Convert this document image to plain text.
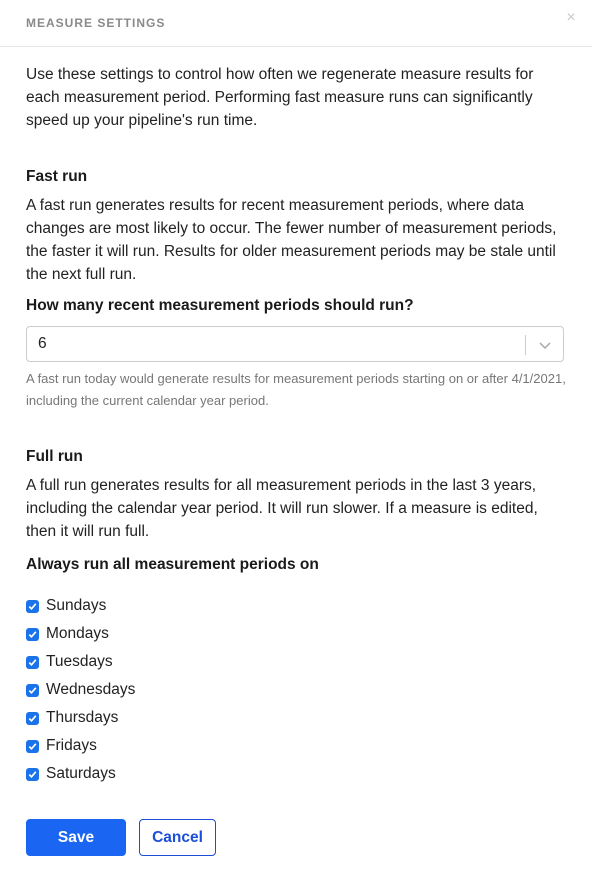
MEASURE SETTINGS	×

Use these settings to control how often we regenerate measure results for each measurement period. Performing fast measure runs can significantly speed up your pipeline's run time.

Fast run

A fast run generates results for recent measurement periods, where data changes are most likely to occur. The fewer number of measurement periods, the faster it will run. Results for older measurement periods may be stale until the next full run.

How many recent measurement periods should run?
6

A fast run today would generate results for measurement periods starting on or after 4/1/2021, including the current calendar year period.

Full run

A full run generates results for all measurement periods in the last 3 years, including the calendar year period. It will run slower. If a measure is edited, then it will run full.

Always run all measurement periods on
Sundays
Mondays
Tuesdays
Wednesdays
Thursdays
Fridays
Saturdays
Save	Cancel
